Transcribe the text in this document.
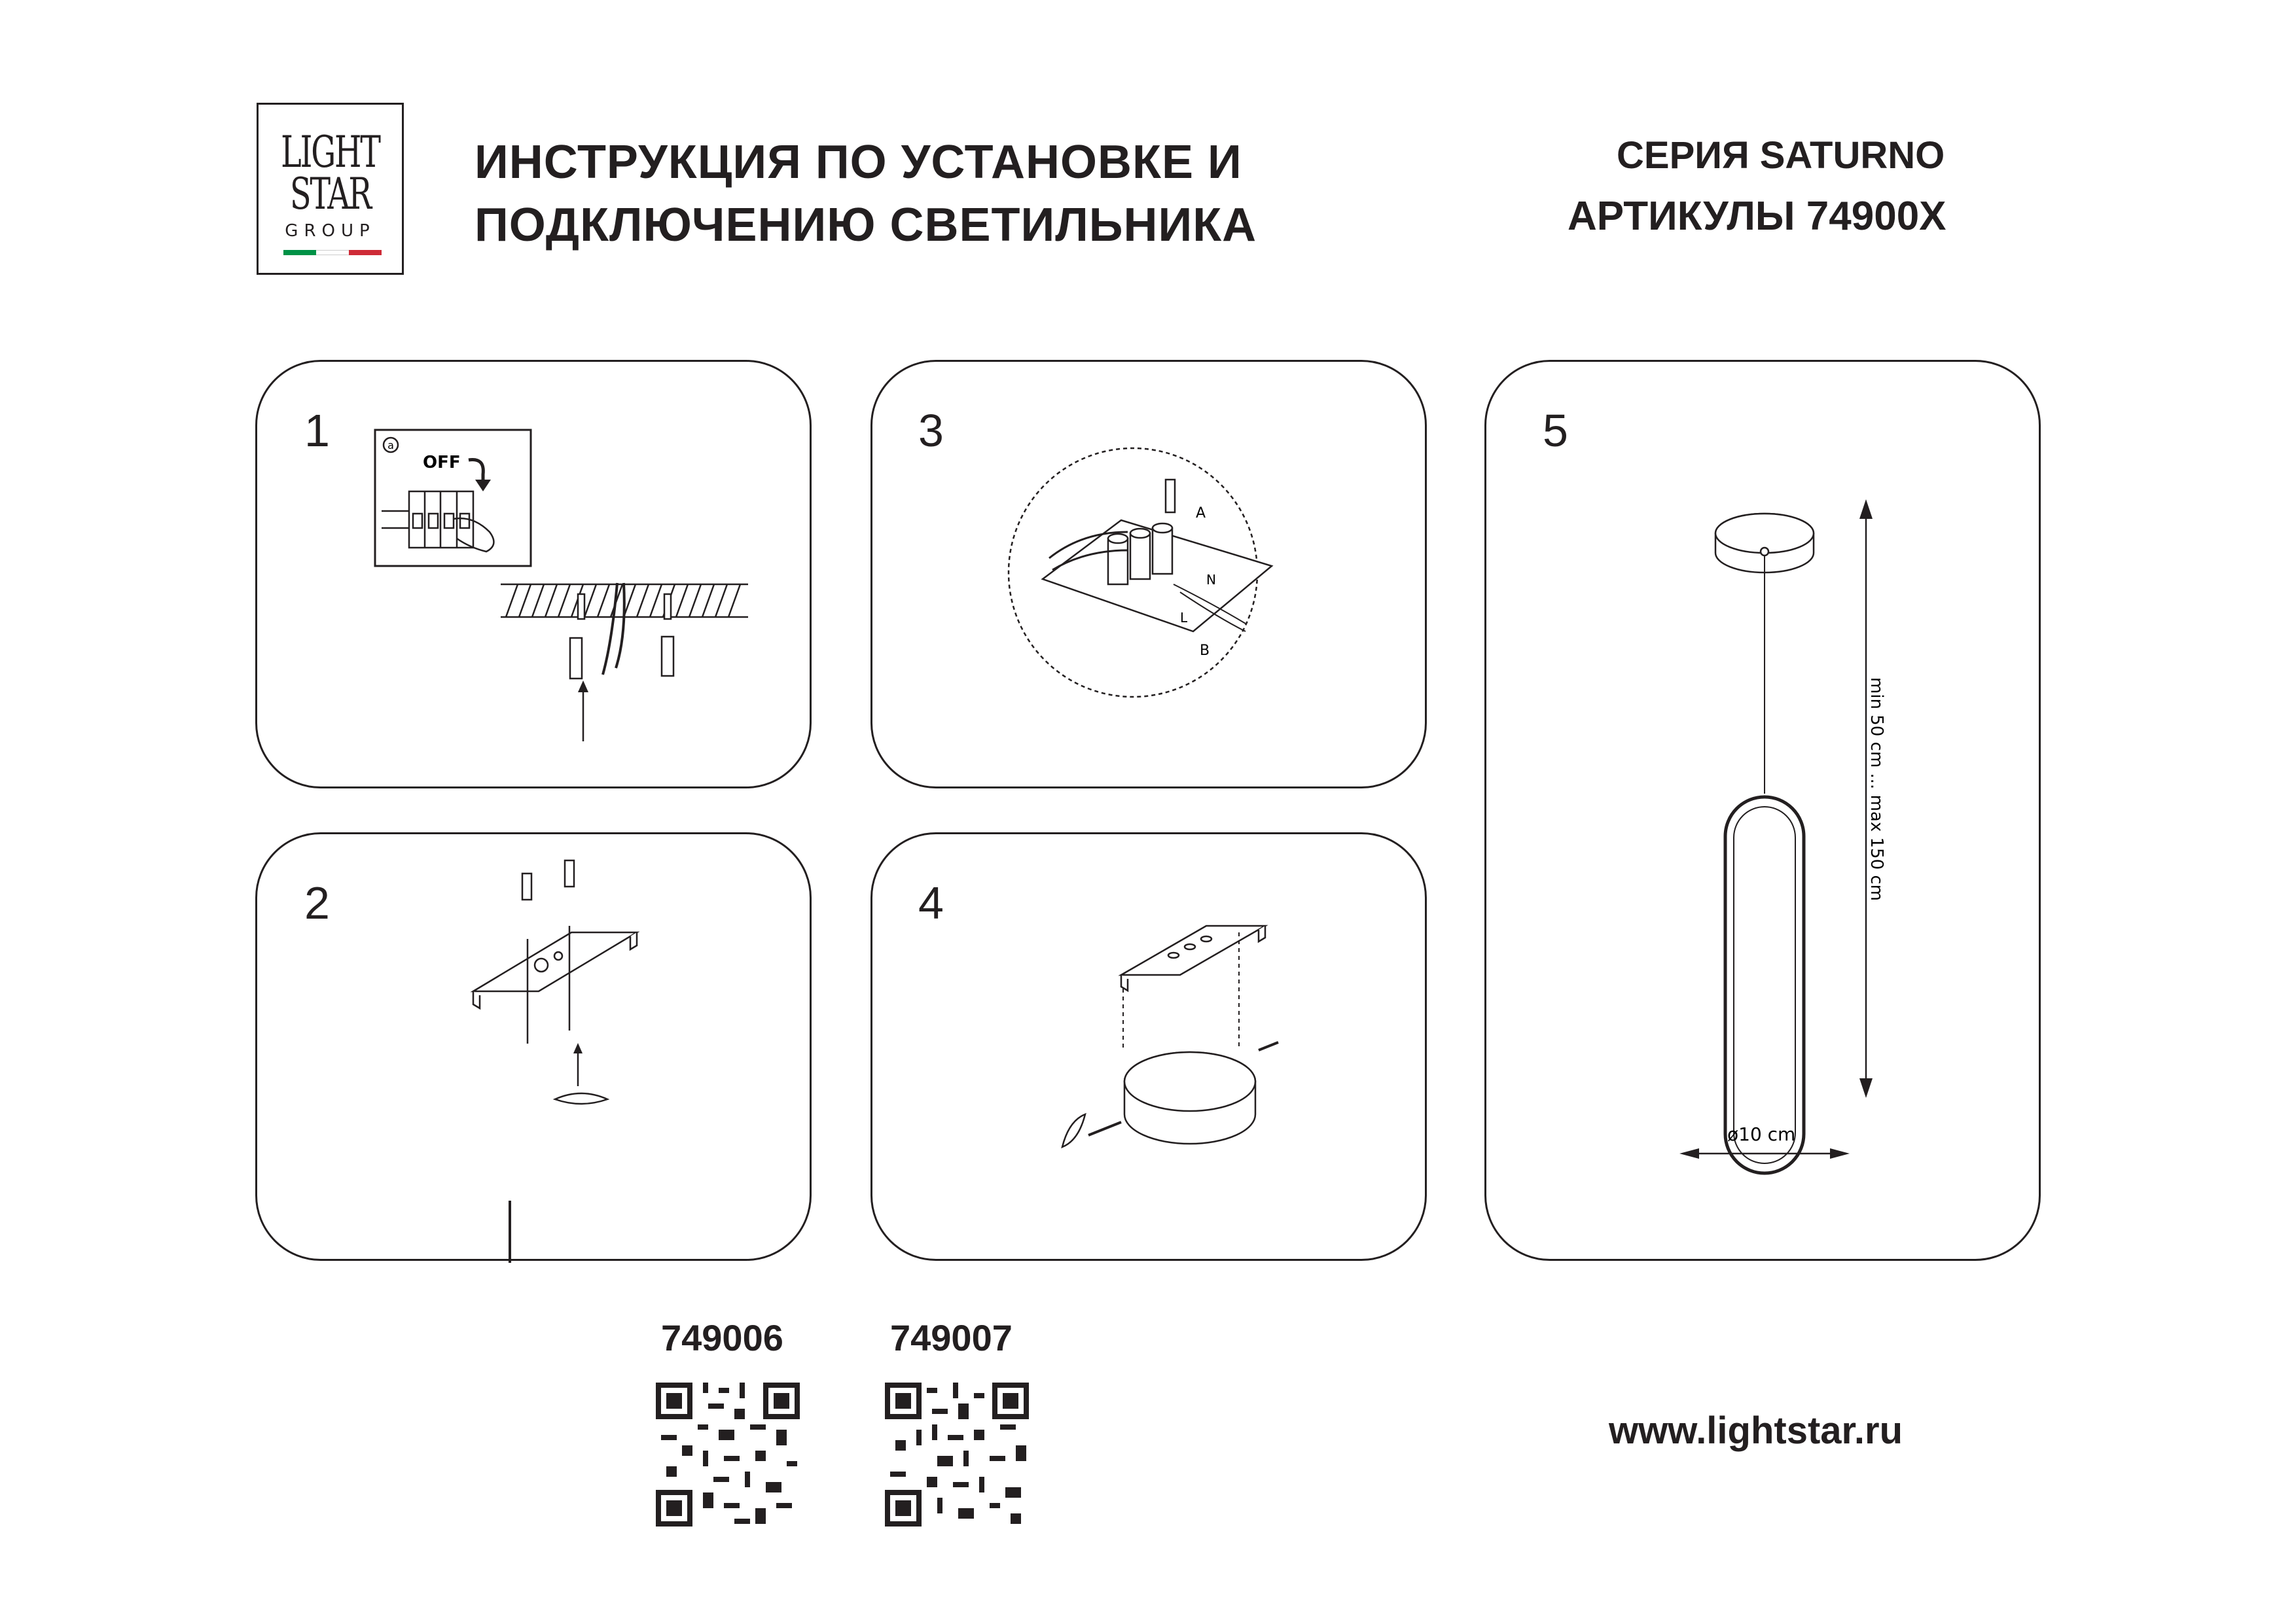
LIGHT
STAR
GROUP
ИНСТРУКЦИЯ ПО УСТАНОВКЕ И
ПОДКЛЮЧЕНИЮ СВЕТИЛЬНИКА
СЕРИЯ SATURNO
АРТИКУЛЫ 74900X
1	a
OFF
2
3
A
B
L
N
4
5
min 50 cm ... max 150 cm
ø10 cm
749006	749007
www.lightstar.ru
